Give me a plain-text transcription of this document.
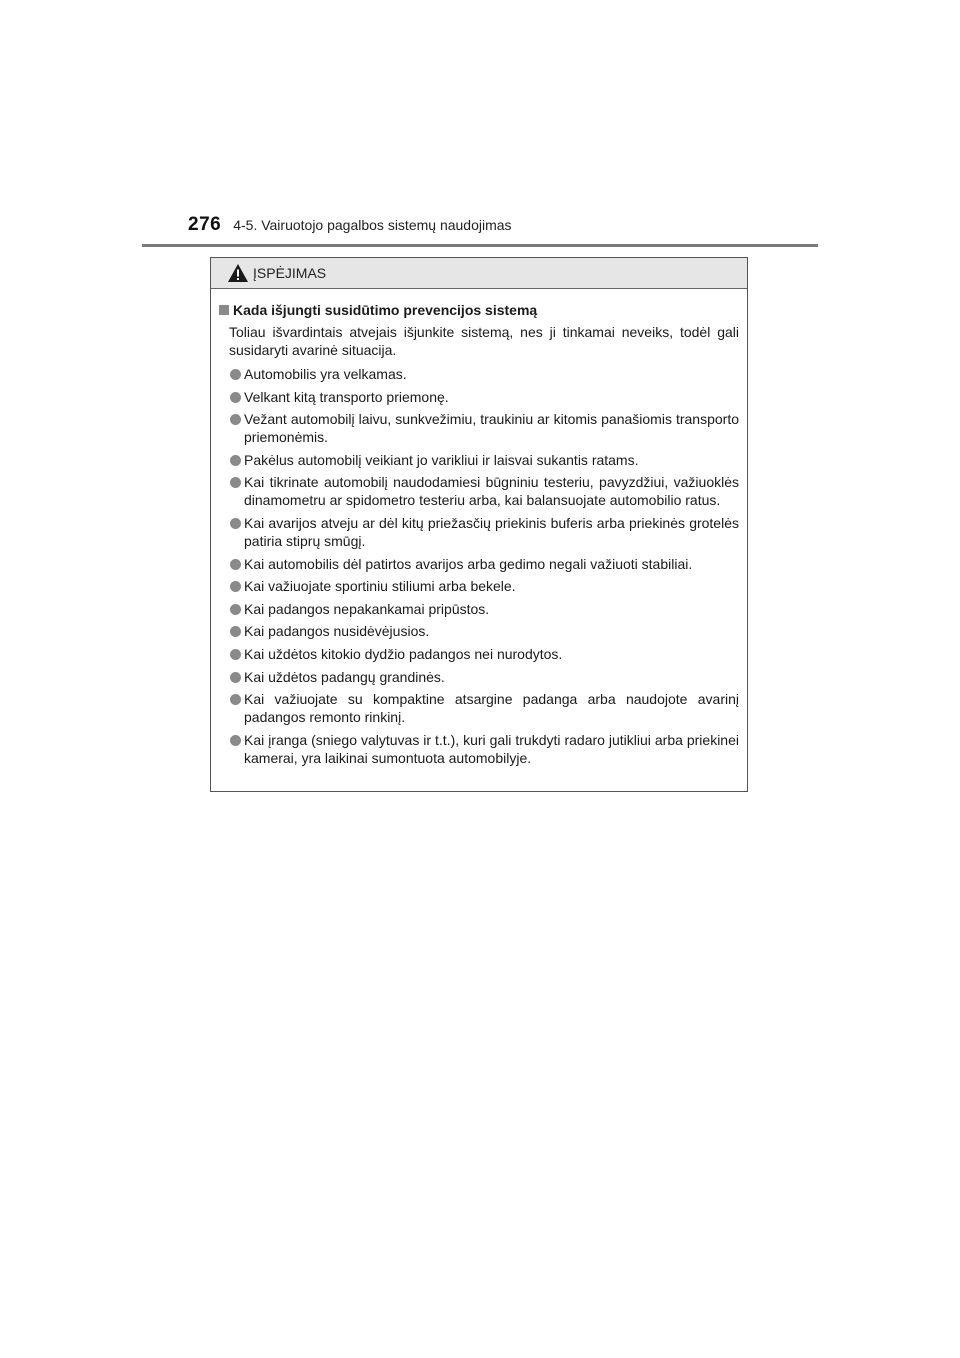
276 4-5. Vairuotojo pagalbos sistemų naudojimas
ĮSPĖJIMAS
Kada išjungti susidūtimo prevencijos sistemą

Toliau išvardintais atvejais išjunkite sistemą, nes ji tinkamai neveiks, todėl gali susidaryti avarinė situacija.

Automobilis yra velkamas.
Velkant kitą transporto priemonę.
Vežant automobilį laivu, sunkvežimiu, traukiniu ar kitomis panašiomis transporto priemonėmis.
Pakėlus automobilį veikiant jo varikliui ir laisvai sukantis ratams.
Kai tikrinate automobilį naudodamiesi būgniniu testeriu, pavyzdžiui, važiuoklės dinamometru ar spidometro testeriu arba, kai balansuojate automobilio ratus.
Kai avarijos atveju ar dėl kitų priežasčių priekinis buferis arba priekinės grotelės patiria stiprų smūgį.
Kai automobilis dėl patirtos avarijos arba gedimo negali važiuoti stabiliai.
Kai važiuojate sportiniu stiliumi arba bekele.
Kai padangos nepakankamai pripūstos.
Kai padangos nusidėvėjusios.
Kai uždėtos kitokio dydžio padangos nei nurodytos.
Kai uždėtos padangų grandinės.
Kai važiuojate su kompaktine atsargine padanga arba naudojote avarinį padangos remonto rinkinį.
Kai įranga (sniego valytuvas ir t.t.), kuri gali trukdyti radaro jutikliui arba priekinei kamerai, yra laikinai sumontuota automobilyje.
